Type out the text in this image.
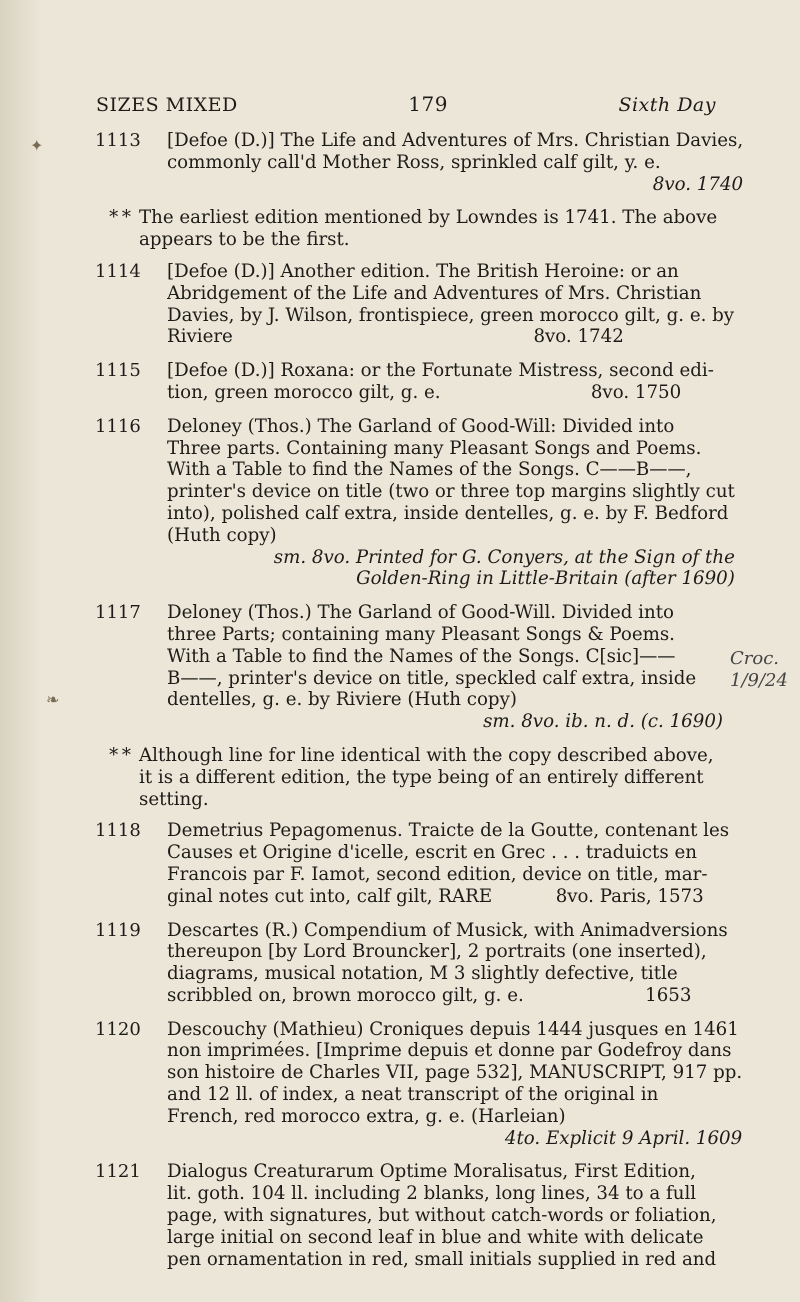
✦
❧
SIZES MIXED	179	Sixth Day
1113	[Defoe (D.)] The Life and Adventures of Mrs. Christian Davies,
commonly call'd Mother Ross, sprinkled calf gilt, y. e.
8vo. 1740
* * The earliest edition mentioned by Lowndes is 1741. The above appears to be the first.
1114	[Defoe (D.)] Another edition. The British Heroine: or an
Abridgement of the Life and Adventures of Mrs. Christian
Davies, by J. Wilson, frontispiece, green morocco gilt, g. e. by
Riviere                                                    8vo. 1742
1115	[Defoe (D.)] Roxana: or the Fortunate Mistress, second edi-
tion, green morocco gilt, g. e.                          8vo. 1750
1116	Deloney (Thos.) The Garland of Good-Will: Divided into
Three parts. Containing many Pleasant Songs and Poems.
With a Table to find the Names of the Songs. C——B——,
printer's device on title (two or three top margins slightly cut
into), polished calf extra, inside dentelles, g. e. by F. Bedford
(Huth copy)
sm. 8vo. Printed for G. Conyers, at the Sign of the
Golden-Ring in Little-Britain (after 1690)
1117	Deloney (Thos.) The Garland of Good-Will. Divided into
three Parts; containing many Pleasant Songs & Poems.
With a Table to find the Names of the Songs. C[sic]——
B——, printer's device on title, speckled calf extra, inside
dentelles, g. e. by Riviere (Huth copy)
sm. 8vo. ib. n. d. (c. 1690)
* * Although line for line identical with the copy described above, it is a different edition, the type being of an entirely different setting.
1118	Demetrius Pepagomenus. Traicte de la Goutte, contenant les
Causes et Origine d'icelle, escrit en Grec . . . traduicts en
Francois par F. Iamot, second edition, device on title, mar-
ginal notes cut into, calf gilt, RARE           8vo. Paris, 1573
1119	Descartes (R.) Compendium of Musick, with Animadversions
thereupon [by Lord Brouncker], 2 portraits (one inserted),
diagrams, musical notation, M 3 slightly defective, title
scribbled on, brown morocco gilt, g. e.                     1653
1120	Descouchy (Mathieu) Croniques depuis 1444 jusques en 1461
non imprimées. [Imprime depuis et donne par Godefroy dans
son histoire de Charles VII, page 532], MANUSCRIPT, 917 pp.
and 12 ll. of index, a neat transcript of the original in
French, red morocco extra, g. e. (Harleian)
4to. Explicit 9 April. 1609
1121	Dialogus Creaturarum Optime Moralisatus, First Edition,
lit. goth. 104 ll. including 2 blanks, long lines, 34 to a full
page, with signatures, but without catch-words or foliation,
large initial on second leaf in blue and white with delicate
pen ornamentation in red, small initials supplied in red and
Croc.
1/9/24
